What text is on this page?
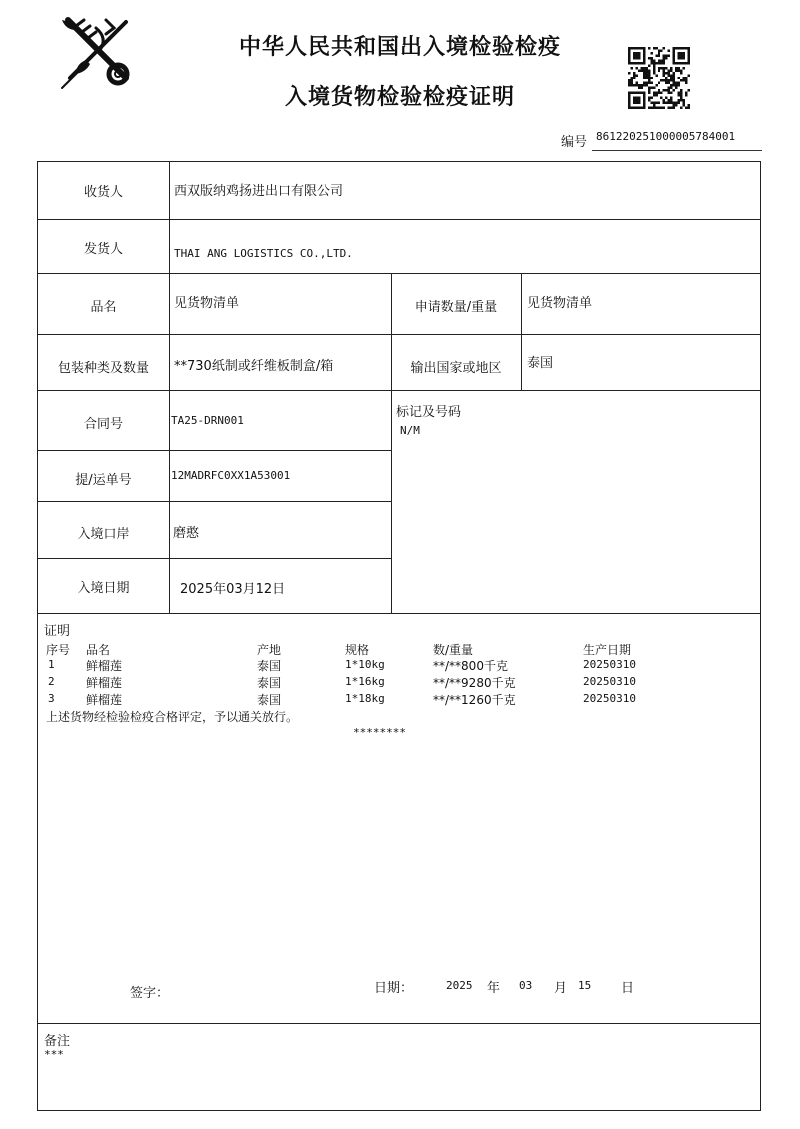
中华人民共和国出入境检验检疫
入境货物检验检疫证明
编号 861220251000005784001
收货人	西双版纳鸡扬进出口有限公司
发货人	THAI ANG LOGISTICS CO.,LTD.
品名	见货物清单	申请数量/重量	见货物清单
包装种类及数量	**730纸制或纤维板制盒/箱	输出国家或地区	泰国
合同号	TA25-DRN001
标记及号码
N/M
提/运单号	12MADRFC0XX1A53001
入境口岸	磨憨
入境日期	2025年03月12日
证明
序号 品名	产地	规格	数/重量	生产日期
1	鲜榴莲	泰国	1*10kg	**/**800千克	20250310
2	鲜榴莲	泰国	1*16kg	**/**9280千克	20250310
3	鲜榴莲	泰国	1*18kg	**/**1260千克	20250310
上述货物经检验检疫合格评定，予以通关放行。
********
签字：	日期：	2025 年 03 月 15 日
备注
***
